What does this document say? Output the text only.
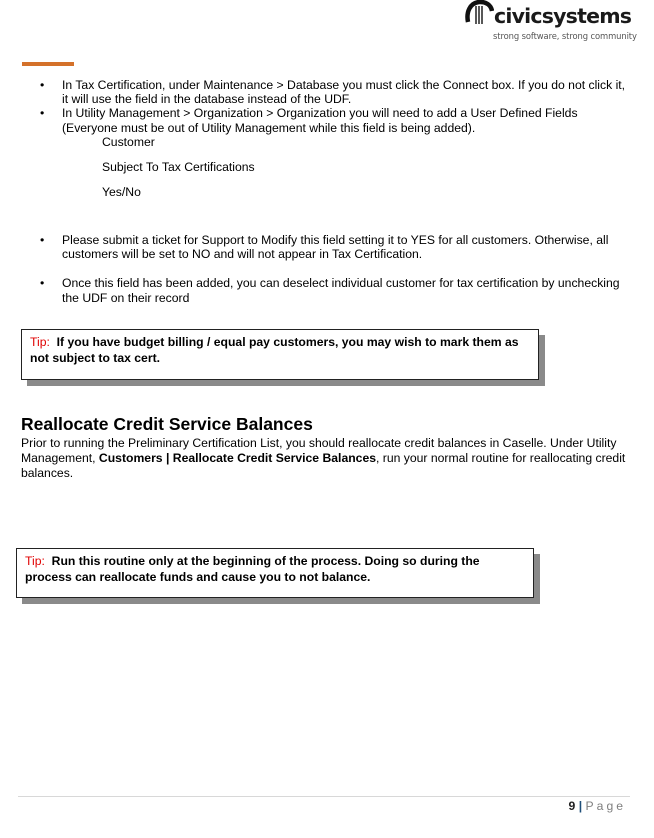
civicsystems
strong software, strong community
• In Tax Certification, under Maintenance > Database you must click the Connect box. If you do not click it, it will use the field in the database instead of the UDF.
• In Utility Management > Organization > Organization you will need to add a User Defined Fields (Everyone must be out of Utility Management while this field is being added).
Customer
Subject To Tax Certifications
Yes/No
• Please submit a ticket for Support to Modify this field setting it to YES for all customers. Otherwise, all customers will be set to NO and will not appear in Tax Certification.
• Once this field has been added, you can deselect individual customer for tax certification by unchecking the UDF on their record
Tip: If you have budget billing / equal pay customers, you may wish to mark them as not subject to tax cert.
Reallocate Credit Service Balances
Prior to running the Preliminary Certification List, you should reallocate credit balances in Caselle. Under Utility Management, Customers | Reallocate Credit Service Balances, run your normal routine for reallocating credit balances.
Tip: Run this routine only at the beginning of the process. Doing so during the process can reallocate funds and cause you to not balance.
9 | Page
